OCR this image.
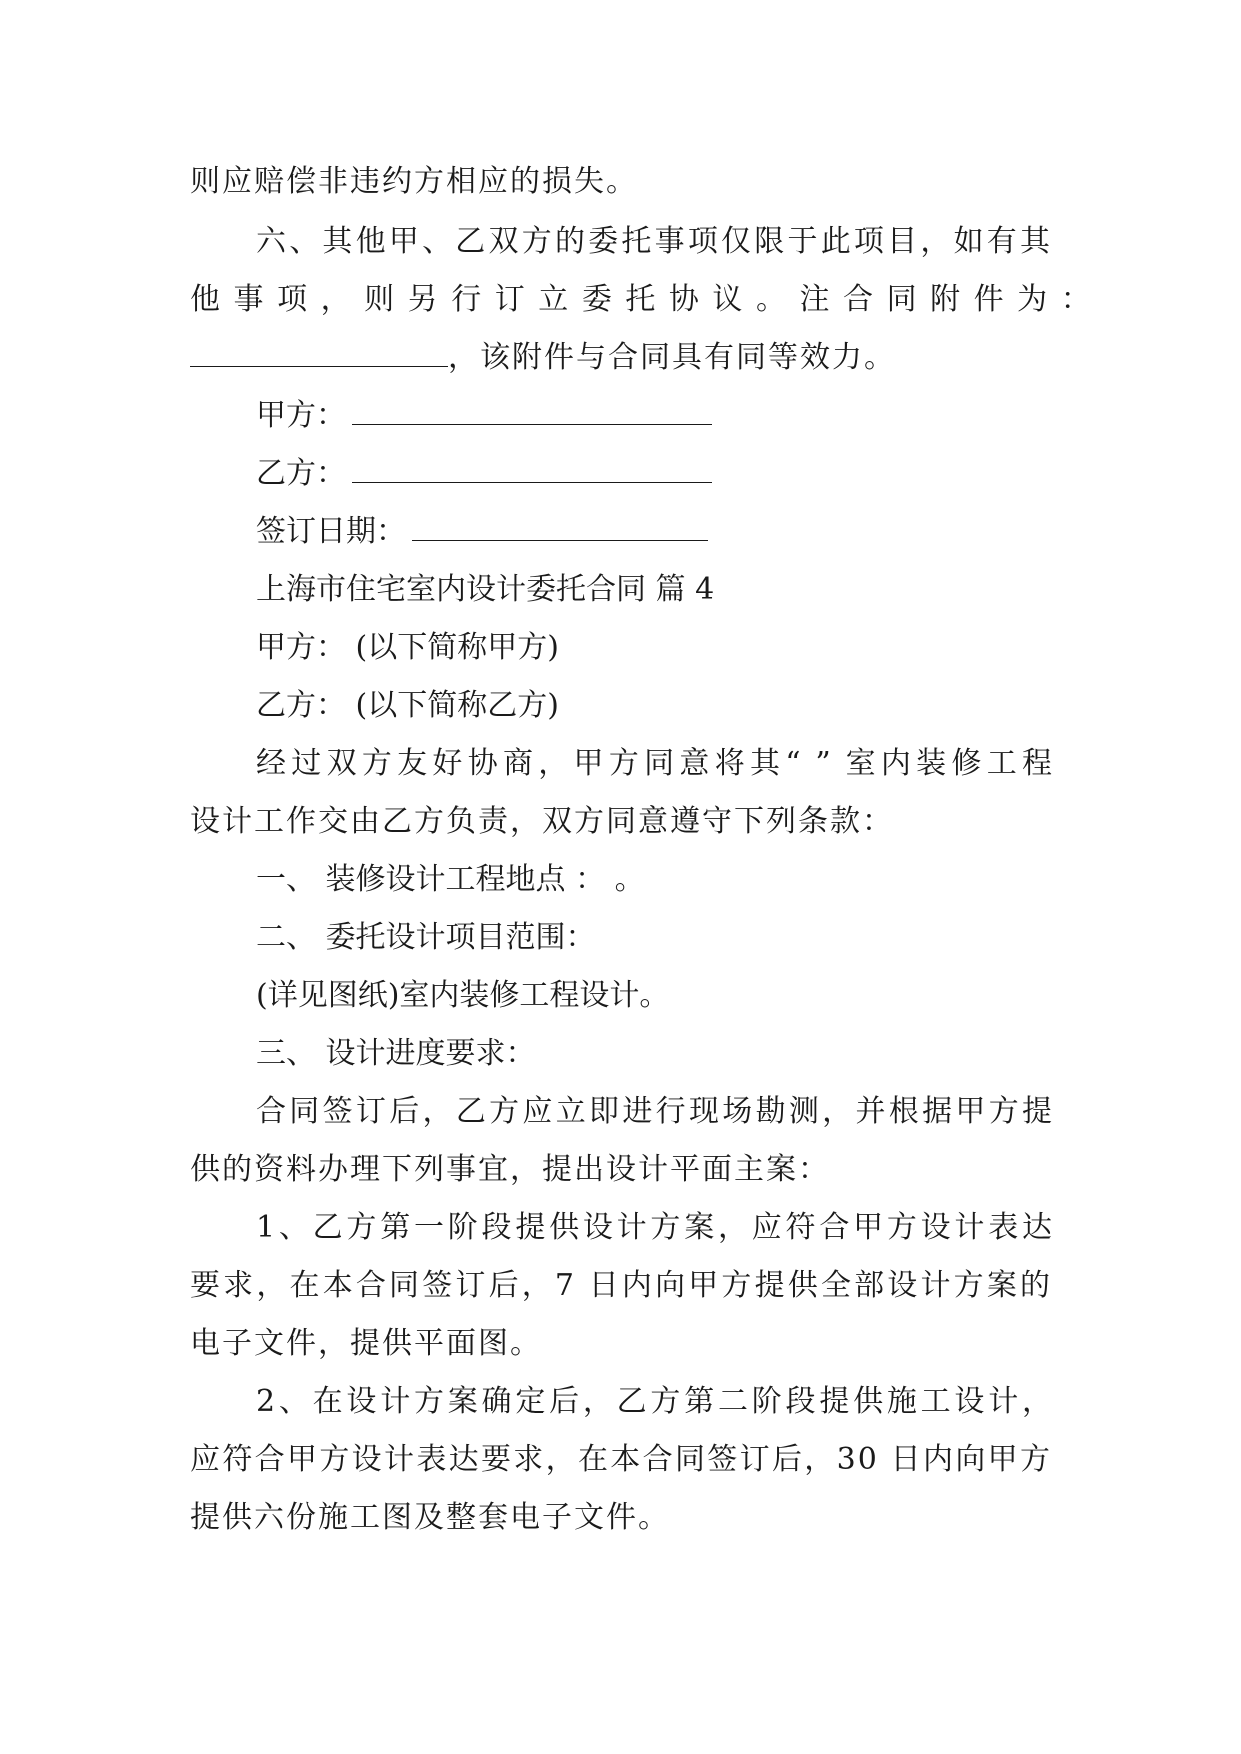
则应赔偿非违约方相应的损失。
六、其他甲、乙双方的委托事项仅限于此项目，如有其
他 事 项 ， 则 另 行 订 立 委 托 协 议 。 注 合 同 附 件 为 ：
，该附件与合同具有同等效力。
甲方：
乙方：
签订日期：
上海市住宅室内设计委托合同 篇 4
甲方： (以下简称甲方)
乙方： (以下简称乙方)
经过双方友好协商，甲方同意将其“ ” 室内装修工程
设计工作交由乙方负责，双方同意遵守下列条款：
一、 装修设计工程地点 ： 。
二、 委托设计项目范围：
(详见图纸)室内装修工程设计。
三、 设计进度要求：
合同签订后，乙方应立即进行现场勘测，并根据甲方提
供的资料办理下列事宜，提出设计平面主案：
1、乙方第一阶段提供设计方案，应符合甲方设计表达
要求，在本合同签订后，7 日内向甲方提供全部设计方案的
电子文件，提供平面图。
2、在设计方案确定后，乙方第二阶段提供施工设计，
应符合甲方设计表达要求，在本合同签订后，30 日内向甲方
提供六份施工图及整套电子文件。
